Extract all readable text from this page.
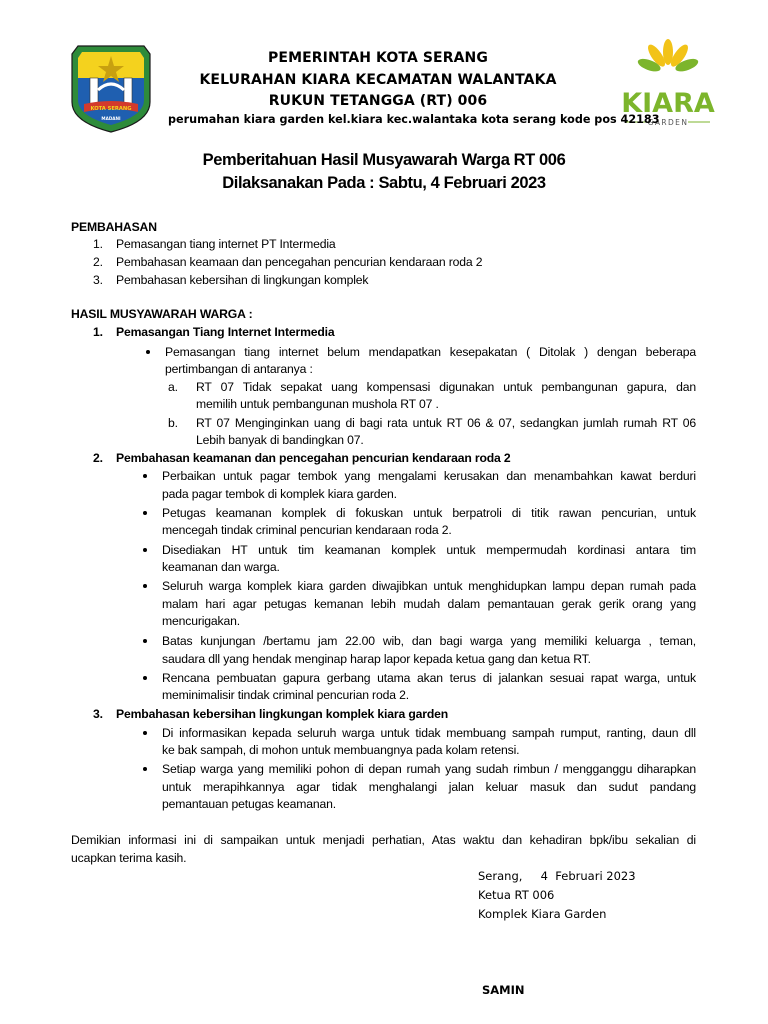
KOTA SERANG
MADANI	KIARA
GARDEN
PEMERINTAH KOTA SERANG
KELURAHAN KIARA KECAMATAN WALANTAKA
RUKUN TETANGGA (RT) 006
perumahan kiara garden kel.kiara kec.walantaka kota serang kode pos 42183
Pemberitahuan Hasil Musyawarah Warga RT 006
Dilaksanakan Pada : Sabtu, 4 Februari 2023
PEMBAHASAN
1. Pemasangan tiang internet PT Intermedia
2. Pembahasan keamaan dan pencegahan pencurian kendaraan roda 2
3. Pembahasan kebersihan di lingkungan komplek
HASIL MUSYAWARAH WARGA :
1. Pemasangan Tiang Internet Intermedia
Pemasangan tiang internet belum mendapatkan kesepakatan ( Ditolak ) dengan beberapa
pertimbangan di antaranya :
a. RT 07 Tidak sepakat uang kompensasi digunakan untuk pembangunan gapura, dan
memilih untuk pembangunan mushola RT 07 .
b. RT 07 Menginginkan uang di bagi rata untuk RT 06 & 07, sedangkan jumlah rumah RT 06
Lebih banyak di bandingkan 07.
2. Pembahasan keamanan dan pencegahan pencurian kendaraan roda 2
Perbaikan untuk pagar tembok yang mengalami kerusakan dan menambahkan kawat berduri
pada pagar tembok di komplek kiara garden.
Petugas keamanan komplek di fokuskan untuk berpatroli di titik rawan pencurian, untuk
mencegah tindak criminal pencurian kendaraan roda 2.
Disediakan HT untuk tim keamanan komplek untuk mempermudah kordinasi antara tim
keamanan dan warga.
Seluruh warga komplek kiara garden diwajibkan untuk menghidupkan lampu depan rumah pada
malam hari agar petugas kemanan lebih mudah dalam pemantauan gerak gerik orang yang
mencurigakan.
Batas kunjungan /bertamu jam 22.00 wib, dan bagi warga yang memiliki keluarga , teman,
saudara dll yang hendak menginap harap lapor kepada ketua gang dan ketua RT.
Rencana pembuatan gapura gerbang utama akan terus di jalankan sesuai rapat warga, untuk
meminimalisir tindak criminal pencurian roda 2.
3. Pembahasan kebersihan lingkungan komplek kiara garden
Di informasikan kepada seluruh warga untuk tidak membuang sampah rumput, ranting, daun dll
ke bak sampah, di mohon untuk membuangnya pada kolam retensi.
Setiap warga yang memiliki pohon di depan rumah yang sudah rimbun / mengganggu diharapkan
untuk merapihkannya agar tidak menghalangi jalan keluar masuk dan sudut pandang
pemantauan petugas keamanan.
Demikian informasi ini di sampaikan untuk menjadi perhatian, Atas waktu dan kehadiran bpk/ibu sekalian di
ucapkan terima kasih.
Serang,     4  Februari 2023
Ketua RT 006
Komplek Kiara Garden
SAMIN
